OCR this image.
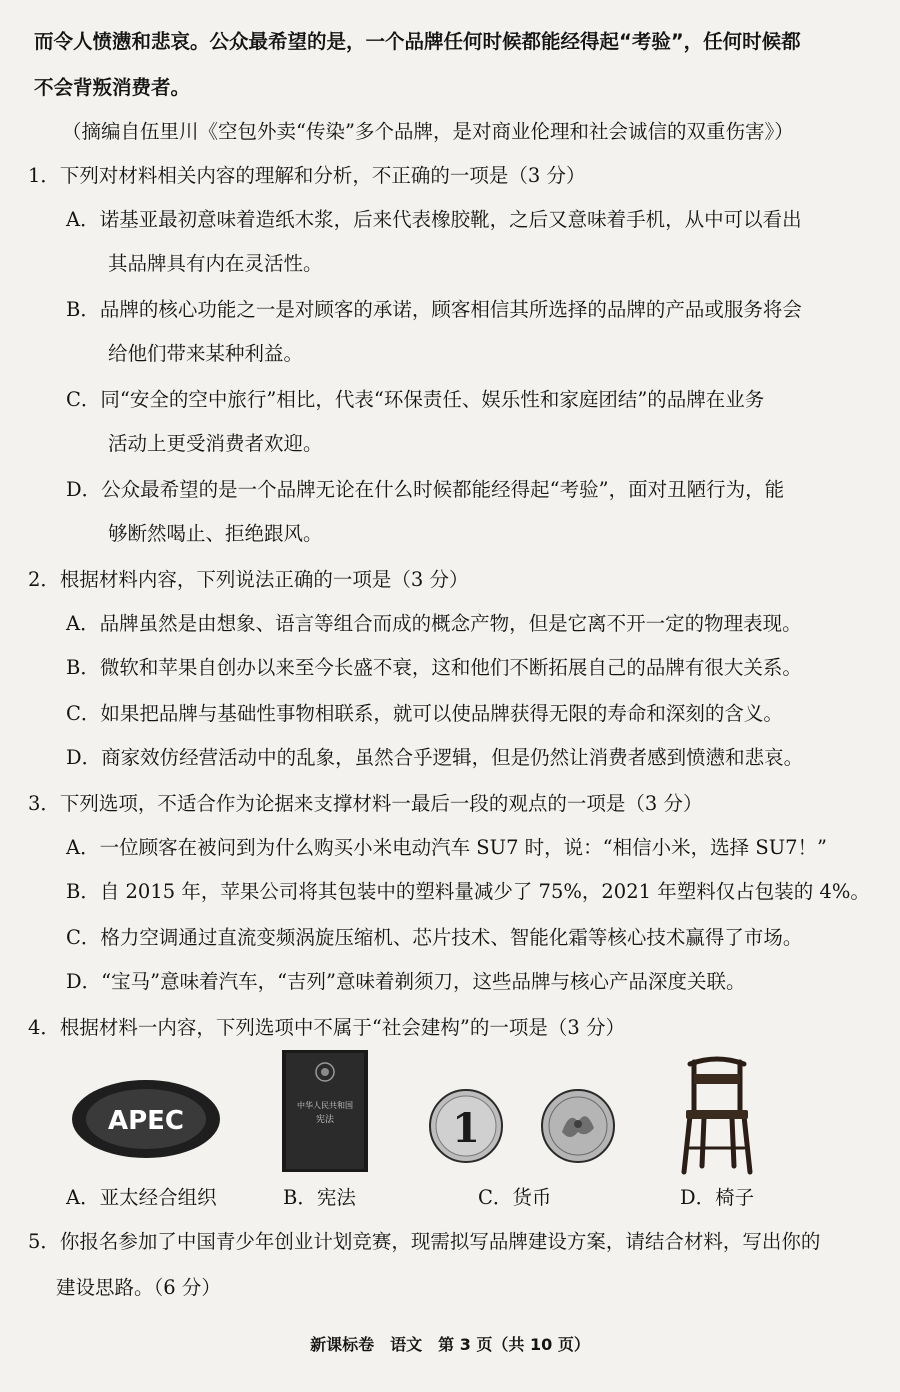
而令人愤懑和悲哀。公众最希望的是，一个品牌任何时候都能经得起“考验”，任何时候都
不会背叛消费者。
（摘编自伍里川《空包外卖“传染”多个品牌，是对商业伦理和社会诚信的双重伤害》）
1．下列对材料相关内容的理解和分析，不正确的一项是（3 分）
A．诺基亚最初意味着造纸木浆，后来代表橡胶靴，之后又意味着手机，从中可以看出
其品牌具有内在灵活性。
B．品牌的核心功能之一是对顾客的承诺，顾客相信其所选择的品牌的产品或服务将会
给他们带来某种利益。
C．同“安全的空中旅行”相比，代表“环保责任、娱乐性和家庭团结”的品牌在业务
活动上更受消费者欢迎。
D．公众最希望的是一个品牌无论在什么时候都能经得起“考验”，面对丑陋行为，能
够断然喝止、拒绝跟风。
2．根据材料内容，下列说法正确的一项是（3 分）
A．品牌虽然是由想象、语言等组合而成的概念产物，但是它离不开一定的物理表现。
B．微软和苹果自创办以来至今长盛不衰，这和他们不断拓展自己的品牌有很大关系。
C．如果把品牌与基础性事物相联系，就可以使品牌获得无限的寿命和深刻的含义。
D．商家效仿经营活动中的乱象，虽然合乎逻辑，但是仍然让消费者感到愤懑和悲哀。
3．下列选项，不适合作为论据来支撑材料一最后一段的观点的一项是（3 分）
A．一位顾客在被问到为什么购买小米电动汽车 SU7 时，说：“相信小米，选择 SU7！”
B．自 2015 年，苹果公司将其包装中的塑料量减少了 75%，2021 年塑料仅占包装的 4%。
C．格力空调通过直流变频涡旋压缩机、芯片技术、智能化霜等核心技术赢得了市场。
D．“宝马”意味着汽车，“吉列”意味着剃须刀，这些品牌与核心产品深度关联。
4．根据材料一内容，下列选项中不属于“社会建构”的一项是（3 分）
A．亚太经合组织	B．宪法	C．货币	D．椅子
5．你报名参加了中国青少年创业计划竞赛，现需拟写品牌建设方案，请结合材料，写出你的
建设思路。（6 分）
APEC
中华人民共和国
宪法	1
新课标卷　语文　第 3 页（共 10 页）
